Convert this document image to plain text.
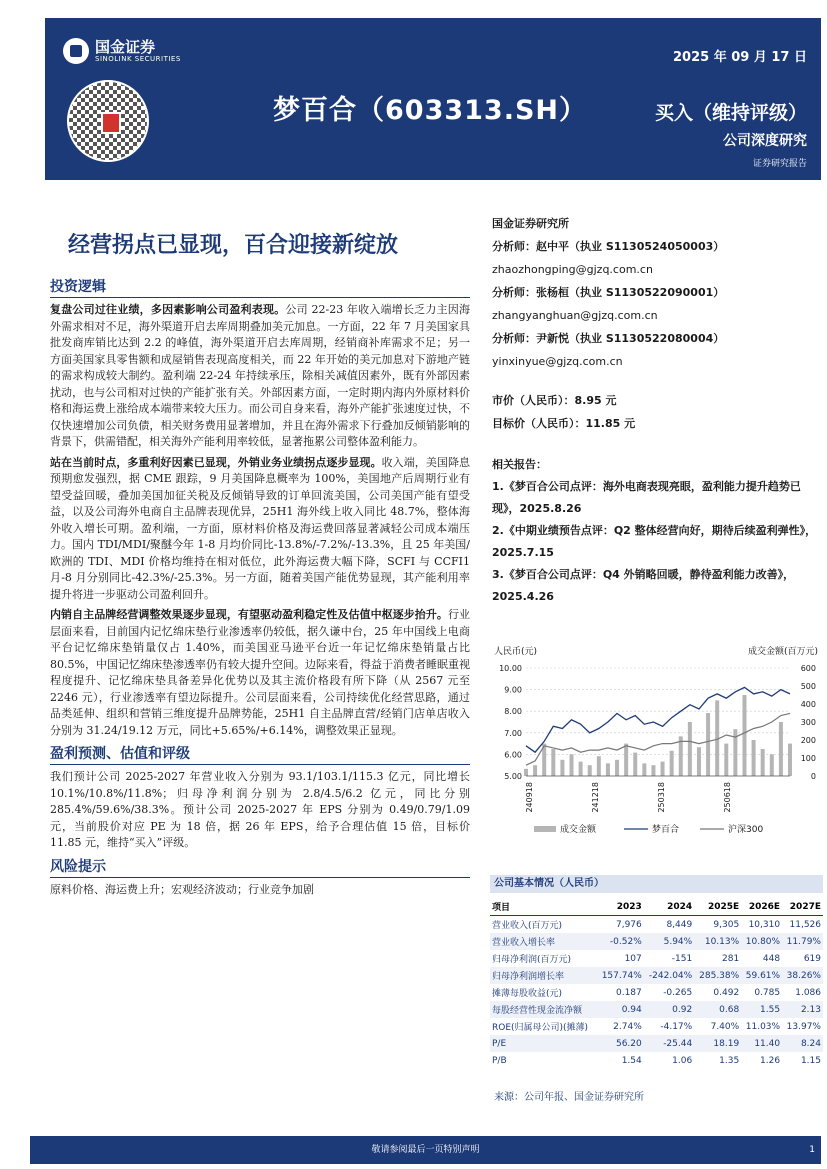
国金证券
SINOLINK SECURITIES	2025 年 09 月 17 日
梦百合（603313.SH）	买入（维持评级）
公司深度研究
证券研究报告
经营拐点已显现，百合迎接新绽放
投资逻辑

复盘公司过往业绩，多因素影响公司盈利表现。公司 22-23 年收入端增长乏力主因海外需求相对不足，海外渠道开启去库周期叠加美元加息。一方面，22 年 7 月美国家具批发商库销比达到 2.2 的峰值，海外渠道开启去库周期，经销商补库需求不足；另一方面美国家具零售额和成屋销售表现高度相关，而 22 年开始的美元加息对下游地产链的需求构成较大制约。盈利端 22-24 年持续承压，除相关减值因素外，既有外部因素扰动，也与公司相对过快的产能扩张有关。外部因素方面，一定时期内海内外原材料价格和海运费上涨给成本端带来较大压力。而公司自身来看，海外产能扩张速度过快，不仅快速增加公司负债，相关财务费用显著增加，并且在海外需求下行叠加反倾销影响的背景下，供需错配，相关海外产能利用率较低，显著拖累公司整体盈利能力。

站在当前时点，多重利好因素已显现，外销业务业绩拐点逐步显现。收入端，美国降息预期愈发强烈，据 CME 跟踪，9 月美国降息概率为 100%，美国地产后周期行业有望受益回暖，叠加美国加征关税及反倾销导致的订单回流美国，公司美国产能有望受益，以及公司海外电商自主品牌表现优异，25H1 海外线上收入同比 48.7%，整体海外收入增长可期。盈利端，一方面，原材料价格及海运费回落显著减轻公司成本端压力。国内 TDI/MDI/聚醚今年 1-8 月均价同比-13.8%/-7.2%/-13.3%，且 25 年美国/欧洲的 TDI、MDI 价格均维持在相对低位，此外海运费大幅下降，SCFI 与 CCFI1 月-8 月分别同比-42.3%/-25.3%。另一方面，随着美国产能优势显现，其产能利用率提升将进一步驱动公司盈利回升。

内销自主品牌经营调整效果逐步显现，有望驱动盈利稳定性及估值中枢逐步抬升。行业层面来看，目前国内记忆绵床垫行业渗透率仍较低，据久谦中台，25 年中国线上电商平台记忆绵床垫销量仅占 1.40%，而美国亚马逊平台近一年记忆绵床垫销量占比 80.5%，中国记忆绵床垫渗透率仍有较大提升空间。边际来看，得益于消费者睡眠重视程度提升、记忆绵床垫具备差异化优势以及其主流价格段有所下降（从 2567 元至 2246 元），行业渗透率有望边际提升。公司层面来看，公司持续优化经营思路，通过品类延伸、组织和营销三维度提升品牌势能，25H1 自主品牌直营/经销门店单店收入分别为 31.24/19.12 万元，同比+5.65%/+6.14%，调整效果正显现。

盈利预测、估值和评级

我们预计公司 2025-2027 年营业收入分别为 93.1/103.1/115.3 亿元，同比增长 10.1%/10.8%/11.8%；归母净利润分别为 2.8/4.5/6.2 亿元，同比分别 285.4%/59.6%/38.3%。预计公司 2025-2027 年 EPS 分别为 0.49/0.79/1.09 元，当前股价对应 PE 为 18 倍，据 26 年 EPS，给予合理估值 15 倍，目标价 11.85 元，维持“买入”评级。

风险提示

原料价格、海运费上升；宏观经济波动；行业竞争加剧

国金证券研究所
分析师：赵中平（执业 S1130524050003）
zhaozhongping@gjzq.com.cn
分析师：张杨桓（执业 S1130522090001）
zhangyanghuan@gjzq.com.cn
分析师：尹新悦（执业 S1130522080004）
yinxinyue@gjzq.com.cn
市价（人民币）：8.95 元
目标价（人民币）：11.85 元
相关报告：
1.《梦百合公司点评：海外电商表现亮眼，盈利能力提升趋势已现》，2025.8.26
2.《中期业绩预告点评：Q2 整体经营向好，期待后续盈利弹性》，2025.7.15
3.《梦百合公司点评：Q4 外销略回暖，静待盈利能力改善》，2025.4.26
人民币(元)	成交金额(百万元)
10.00
9.00
8.00
7.00
6.00
5.00
600
500
400
300
200
100
0
240918	241218	250318	250618
成交金额	梦百合	沪深300
公司基本情况（人民币）
项目	2023	2024	2025E	2026E	2027E
营业收入(百万元)	7,976	8,449	9,305	10,310	11,526
营业收入增长率	-0.52%	5.94%	10.13%	10.80%	11.79%
归母净利润(百万元)	107	-151	281	448	619
归母净利润增长率	157.74%	-242.04%	285.38%	59.61%	38.26%
摊薄每股收益(元)	0.187	-0.265	0.492	0.785	1.086
每股经营性现金流净额	0.94	0.92	0.68	1.55	2.13
ROE(归属母公司)(摊薄)	2.74%	-4.17%	7.40%	11.03%	13.97%
P/E	56.20	-25.44	18.19	11.40	8.24
P/B	1.54	1.06	1.35	1.26	1.15
来源：公司年报、国金证券研究所
敬请参阅最后一页特别声明	1
